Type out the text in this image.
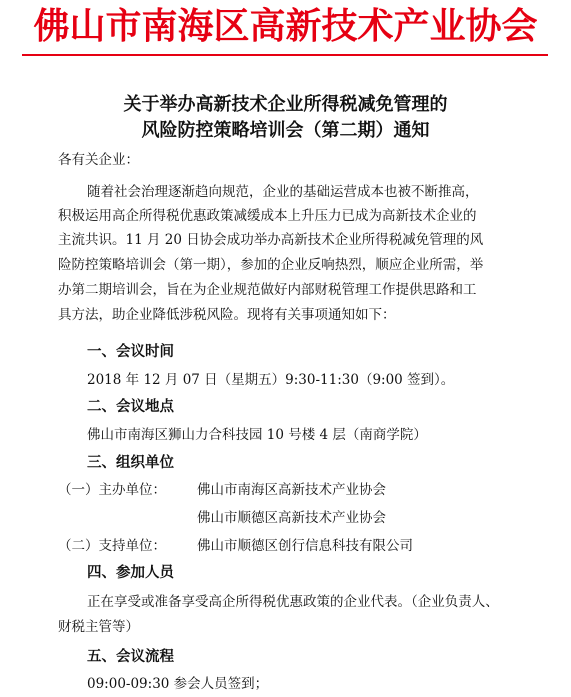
佛山市南海区高新技术产业协会
关于举办高新技术企业所得税减免管理的
风险防控策略培训会（第二期）通知
各有关企业：
随着社会治理逐渐趋向规范，企业的基础运营成本也被不断推高，
积极运用高企所得税优惠政策减缓成本上升压力已成为高新技术企业的
主流共识。11 月 20 日协会成功举办高新技术企业所得税减免管理的风
险防控策略培训会（第一期），参加的企业反响热烈，顺应企业所需，举
办第二期培训会，旨在为企业规范做好内部财税管理工作提供思路和工
具方法，助企业降低涉税风险。现将有关事项通知如下：
一、会议时间
2018 年 12 月 07 日（星期五）9:30-11:30（9:00 签到）。
二、会议地点
佛山市南海区狮山力合科技园 10 号楼 4 层（南商学院）
三、组织单位
（一）主办单位： 佛山市南海区高新技术产业协会
佛山市顺德区高新技术产业协会
（二）支持单位： 佛山市顺德区创行信息科技有限公司
四、参加人员
正在享受或准备享受高企所得税优惠政策的企业代表。（企业负责人、
财税主管等）
五、会议流程
09:00-09:30 参会人员签到；
